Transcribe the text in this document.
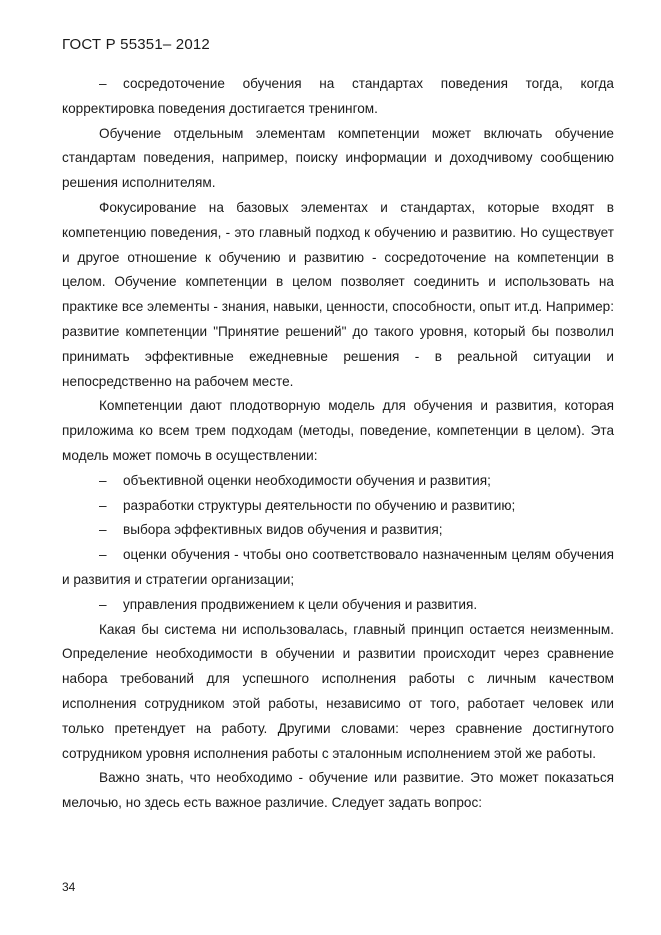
ГОСТ Р 55351– 2012

– сосредоточение обучения на стандартах поведения тогда, когда корректировка поведения достигается тренингом.

Обучение отдельным элементам компетенции может включать обучение стандартам поведения, например, поиску информации и доходчивому сообщению решения исполнителям.

Фокусирование на базовых элементах и стандартах, которые входят в компетенцию поведения, - это главный подход к обучению и развитию. Но существует и другое отношение к обучению и развитию - сосредоточение на компетенции в целом. Обучение компетенции в целом позволяет соединить и использовать на практике все элементы - знания, навыки, ценности, способности, опыт ит.д. Например: развитие компетенции "Принятие решений" до такого уровня, который бы позволил принимать эффективные ежедневные решения - в реальной ситуации и непосредственно на рабочем месте.

Компетенции дают плодотворную модель для обучения и развития, которая приложима ко всем трем подходам (методы, поведение, компетенции в целом). Эта модель может помочь в осуществлении:

– объективной оценки необходимости обучения и развития;

– разработки структуры деятельности по обучению и развитию;

– выбора эффективных видов обучения и развития;

– оценки обучения - чтобы оно соответствовало назначенным целям обучения и развития и стратегии организации;

– управления продвижением к цели обучения и развития.

Какая бы система ни использовалась, главный принцип остается неизменным. Определение необходимости в обучении и развитии происходит через сравнение набора требований для успешного исполнения работы с личным качеством исполнения сотрудником этой работы, независимо от того, работает человек или только претендует на работу. Другими словами: через сравнение достигнутого сотрудником уровня исполнения работы с эталонным исполнением этой же работы.

Важно знать, что необходимо - обучение или развитие. Это может показаться мелочью, но здесь есть важное различие. Следует задать вопрос:

34
